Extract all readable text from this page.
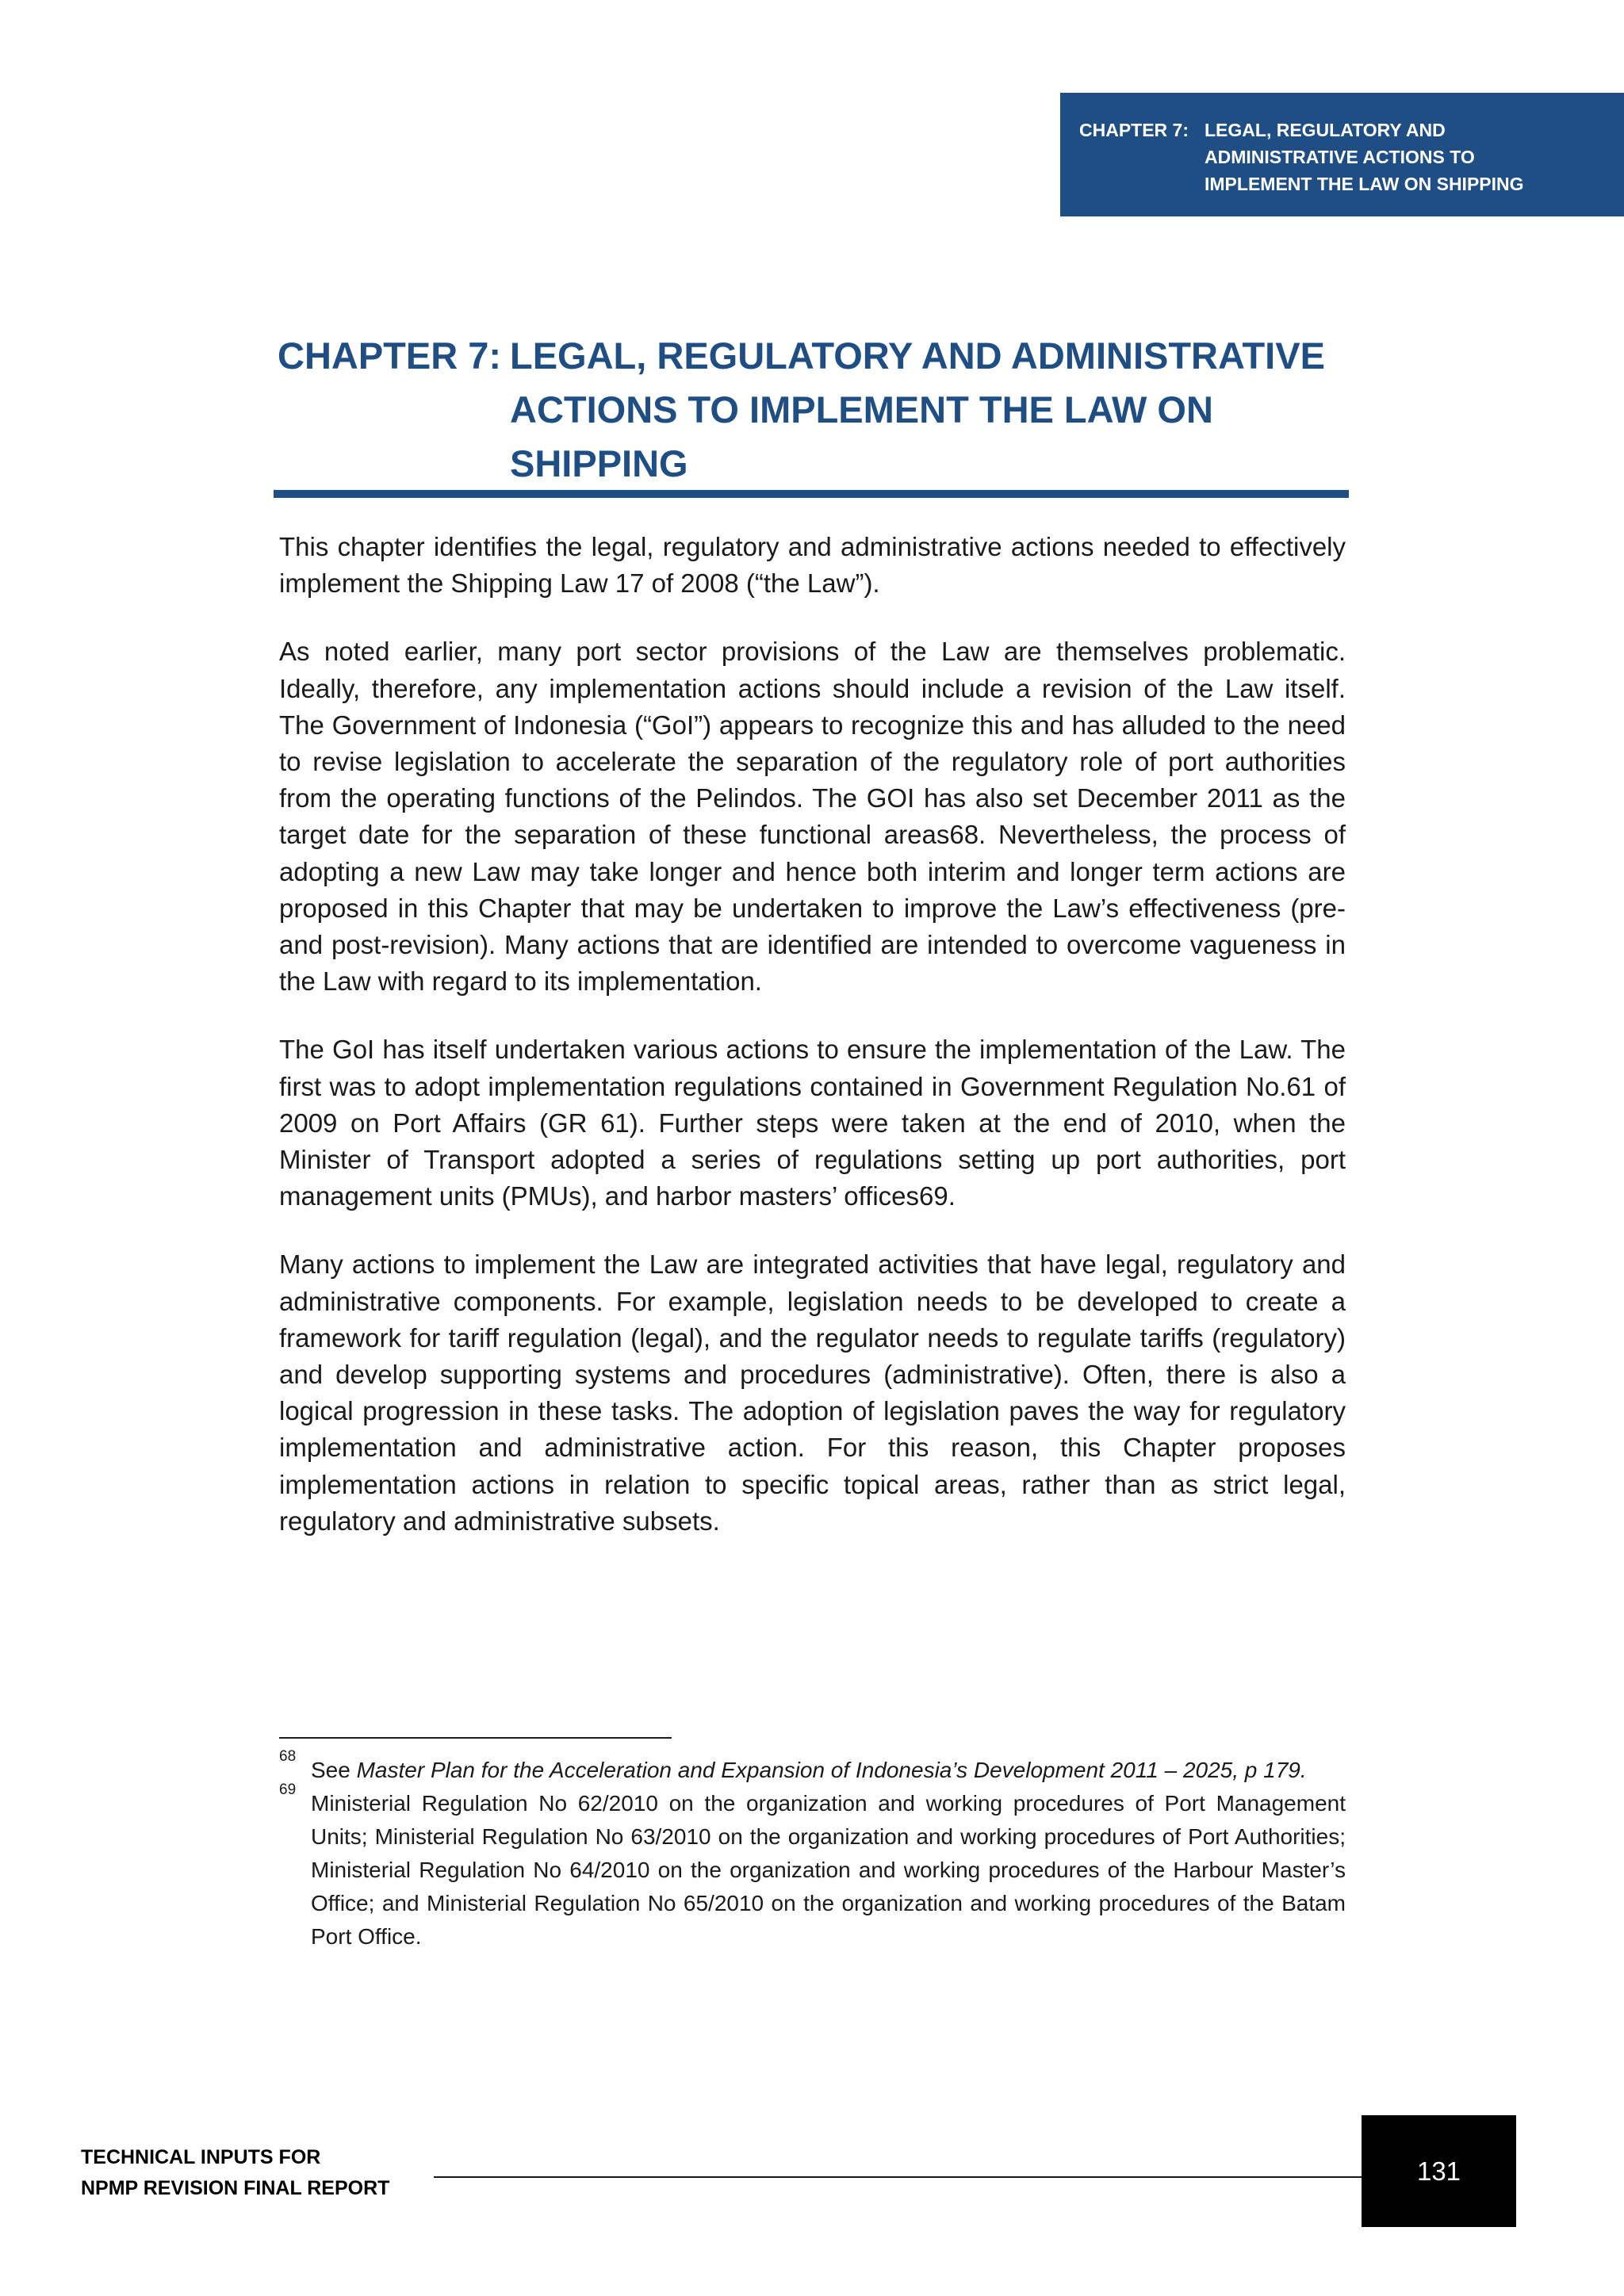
CHAPTER 7: LEGAL, REGULATORY AND
ADMINISTRATIVE ACTIONS TO
IMPLEMENT THE LAW ON SHIPPING
CHAPTER 7: LEGAL, REGULATORY AND ADMINISTRATIVE
ACTIONS TO IMPLEMENT THE LAW ON
SHIPPING

This chapter identifies the legal, regulatory and administrative actions needed to effectively implement the Shipping Law 17 of 2008 (“the Law”).

As noted earlier, many port sector provisions of the Law are themselves problematic. Ideally, therefore, any implementation actions should include a revision of the Law itself. The Government of Indonesia (“GoI”) appears to recognize this and has alluded to the need to revise legislation to accelerate the separation of the regulatory role of port authorities from the operating functions of the Pelindos. The GOI has also set December 2011 as the target date for the separation of these functional areas68. Nevertheless, the process of adopting a new Law may take longer and hence both interim and longer term actions are proposed in this Chapter that may be undertaken to improve the Law’s effectiveness (pre- and post-revision). Many actions that are identified are intended to overcome vagueness in the Law with regard to its implementation.

The GoI has itself undertaken various actions to ensure the implementation of the Law. The first was to adopt implementation regulations contained in Government Regulation No.61 of 2009 on Port Affairs (GR 61). Further steps were taken at the end of 2010, when the Minister of Transport adopted a series of regulations setting up port authorities, port management units (PMUs), and harbor masters’ offices69.

Many actions to implement the Law are integrated activities that have legal, regulatory and administrative components. For example, legislation needs to be developed to create a framework for tariff regulation (legal), and the regulator needs to regulate tariffs (regulatory) and develop supporting systems and procedures (administrative). Often, there is also a logical progression in these tasks. The adoption of legislation paves the way for regulatory implementation and administrative action. For this reason, this Chapter proposes implementation actions in relation to specific topical areas, rather than as strict legal, regulatory and administrative subsets.

68
See Master Plan for the Acceleration and Expansion of Indonesia’s Development 2011 – 2025, p 179.

69
Ministerial Regulation No 62/2010 on the organization and working procedures of Port Management Units; Ministerial Regulation No 63/2010 on the organization and working procedures of Port Authorities; Ministerial Regulation No 64/2010 on the organization and working procedures of the Harbour Master’s Office; and Ministerial Regulation No 65/2010 on the organization and working procedures of the Batam Port Office.

TECHNICAL INPUTS FOR
NPMP REVISION FINAL REPORT
131
